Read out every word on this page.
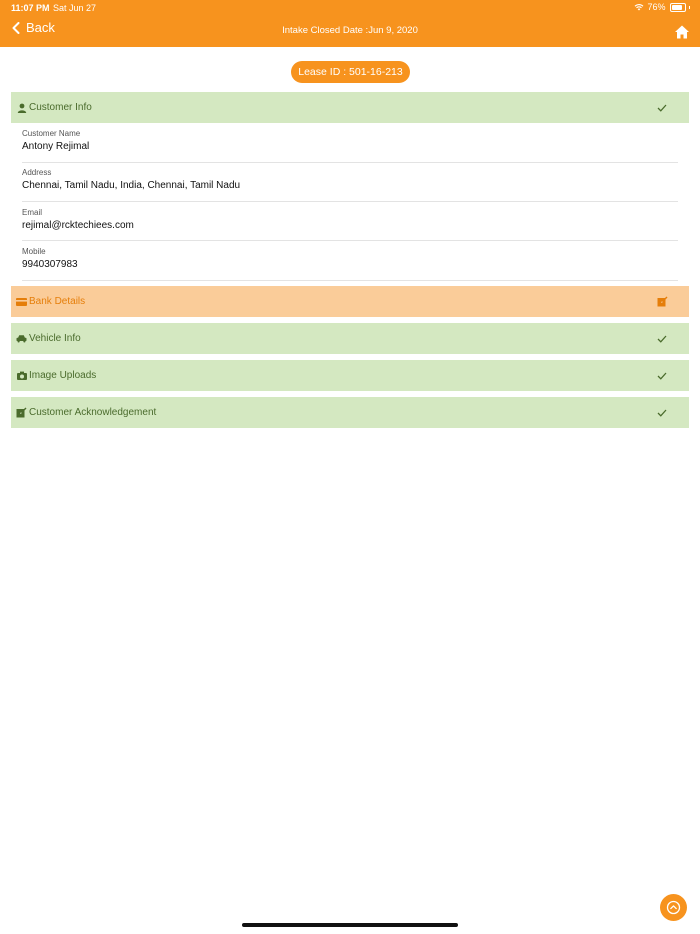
11:07 PM Sat Jun 27	76%
Back	Intake Closed Date :Jun 9, 2020
Lease ID : 501-16-213
Customer Info
Customer Name
Antony Rejimal
Address
Chennai, Tamil Nadu, India, Chennai, Tamil Nadu
Email
rejimal@rcktechiees.com
Mobile
9940307983
Bank Details
Vehicle Info
Image Uploads
Customer Acknowledgement
